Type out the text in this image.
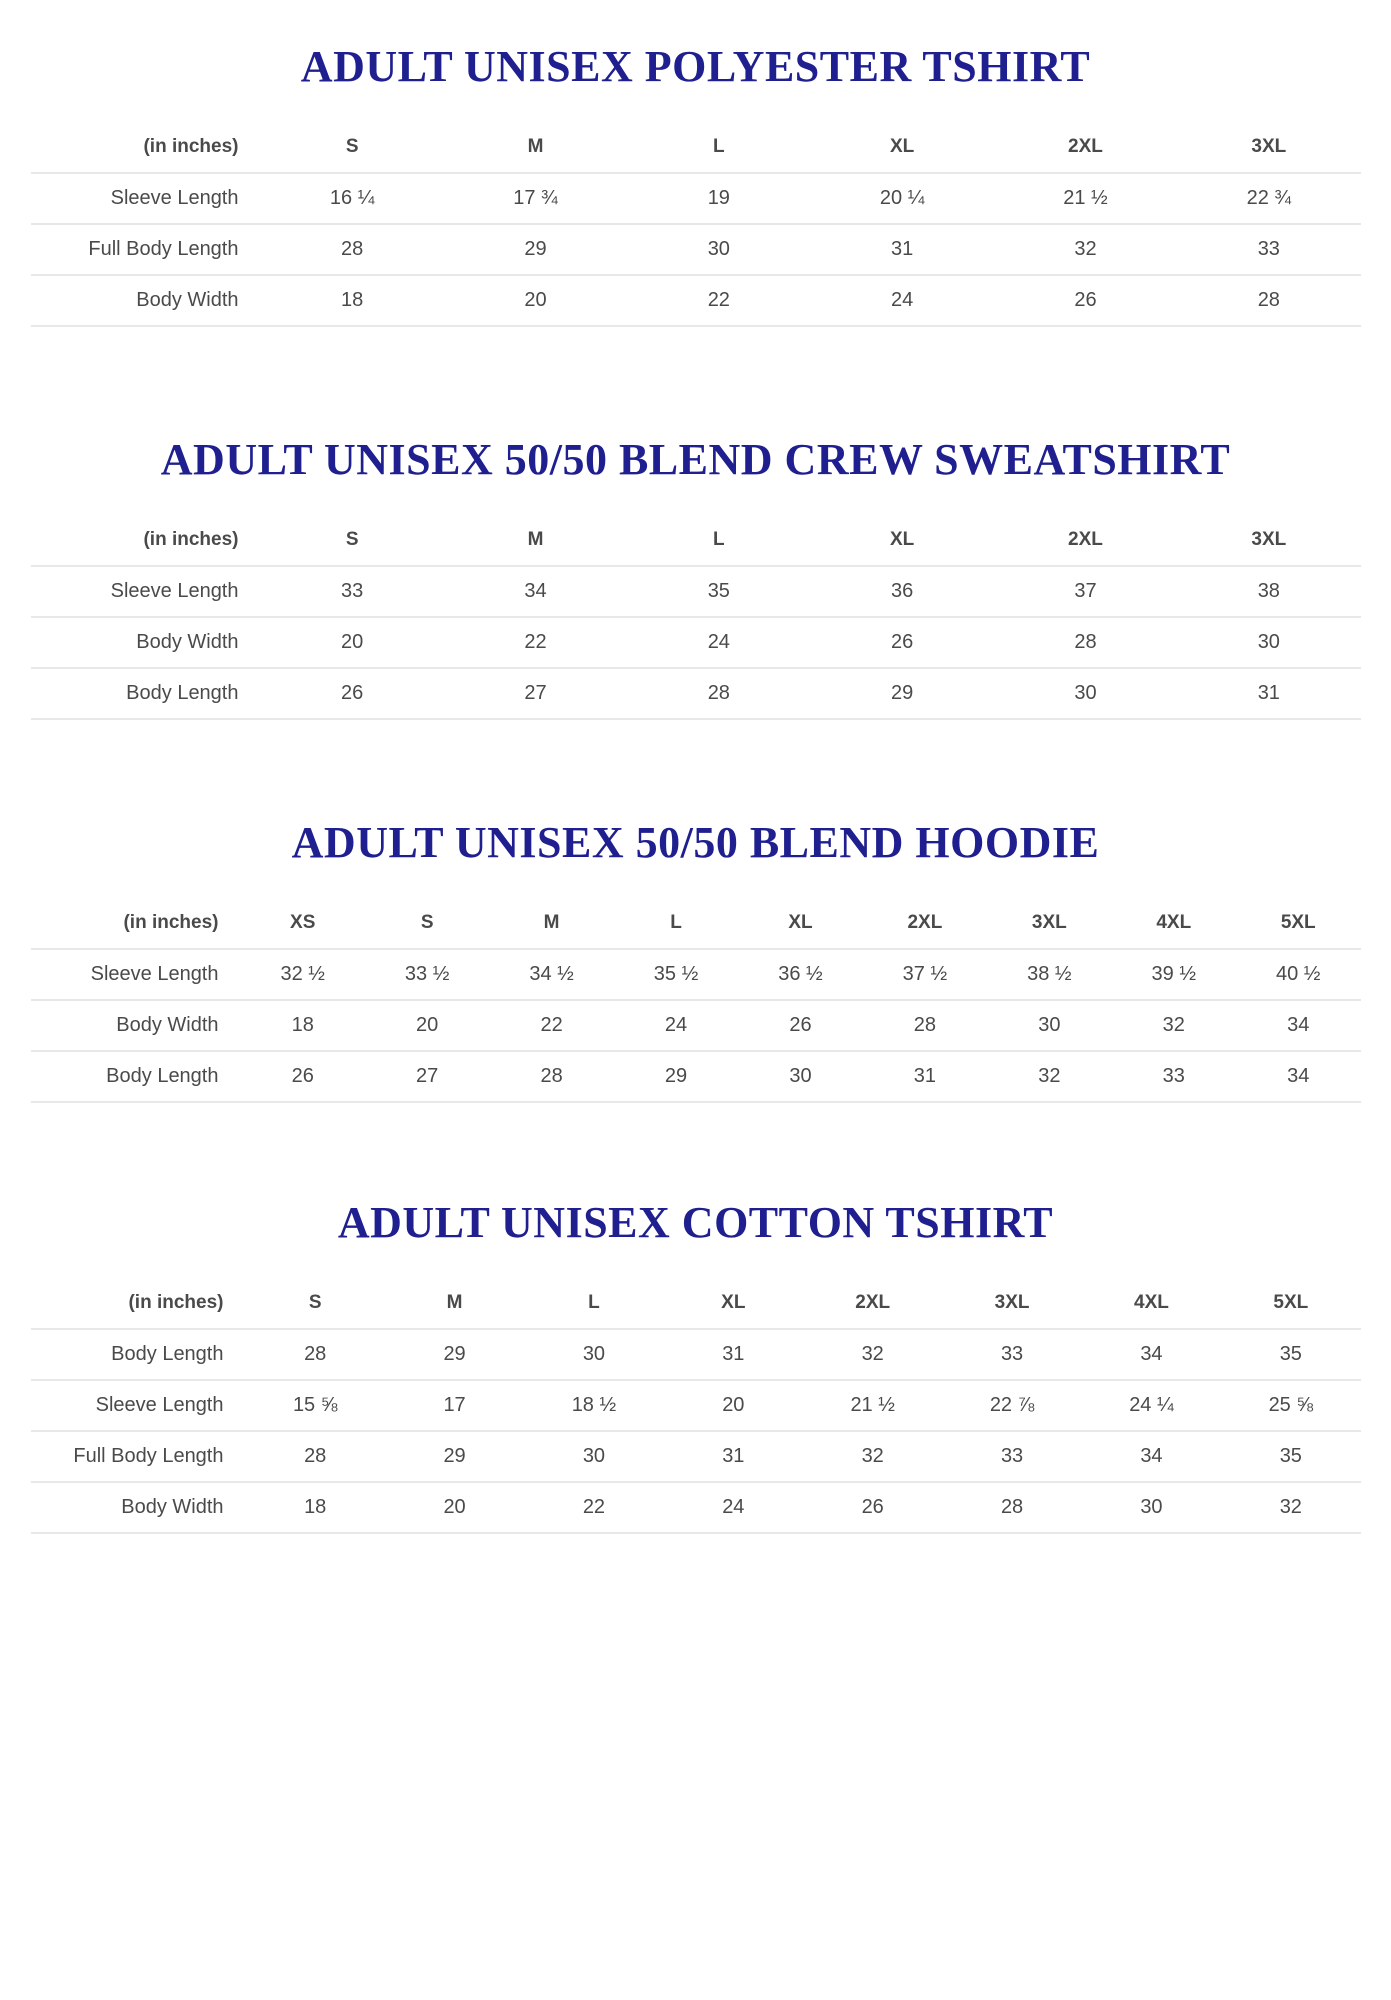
ADULT UNISEX POLYESTER TSHIRT
(in inches)	S	M	L	XL	2XL	3XL
Sleeve Length	16 ¼	17 ¾	19	20 ¼	21 ½	22 ¾
Full Body Length	28	29	30	31	32	33
Body Width	18	20	22	24	26	28
ADULT UNISEX 50/50 BLEND CREW SWEATSHIRT
(in inches)	S	M	L	XL	2XL	3XL
Sleeve Length	33	34	35	36	37	38
Body Width	20	22	24	26	28	30
Body Length	26	27	28	29	30	31
ADULT UNISEX 50/50 BLEND HOODIE
(in inches)	XS	S	M	L	XL	2XL	3XL	4XL	5XL
Sleeve Length	32 ½	33 ½	34 ½	35 ½	36 ½	37 ½	38 ½	39 ½	40 ½
Body Width	18	20	22	24	26	28	30	32	34
Body Length	26	27	28	29	30	31	32	33	34
ADULT UNISEX COTTON TSHIRT
(in inches)	S	M	L	XL	2XL	3XL	4XL	5XL
Body Length	28	29	30	31	32	33	34	35
Sleeve Length	15 ⅝	17	18 ½	20	21 ½	22 ⅞	24 ¼	25 ⅝
Full Body Length	28	29	30	31	32	33	34	35
Body Width	18	20	22	24	26	28	30	32
